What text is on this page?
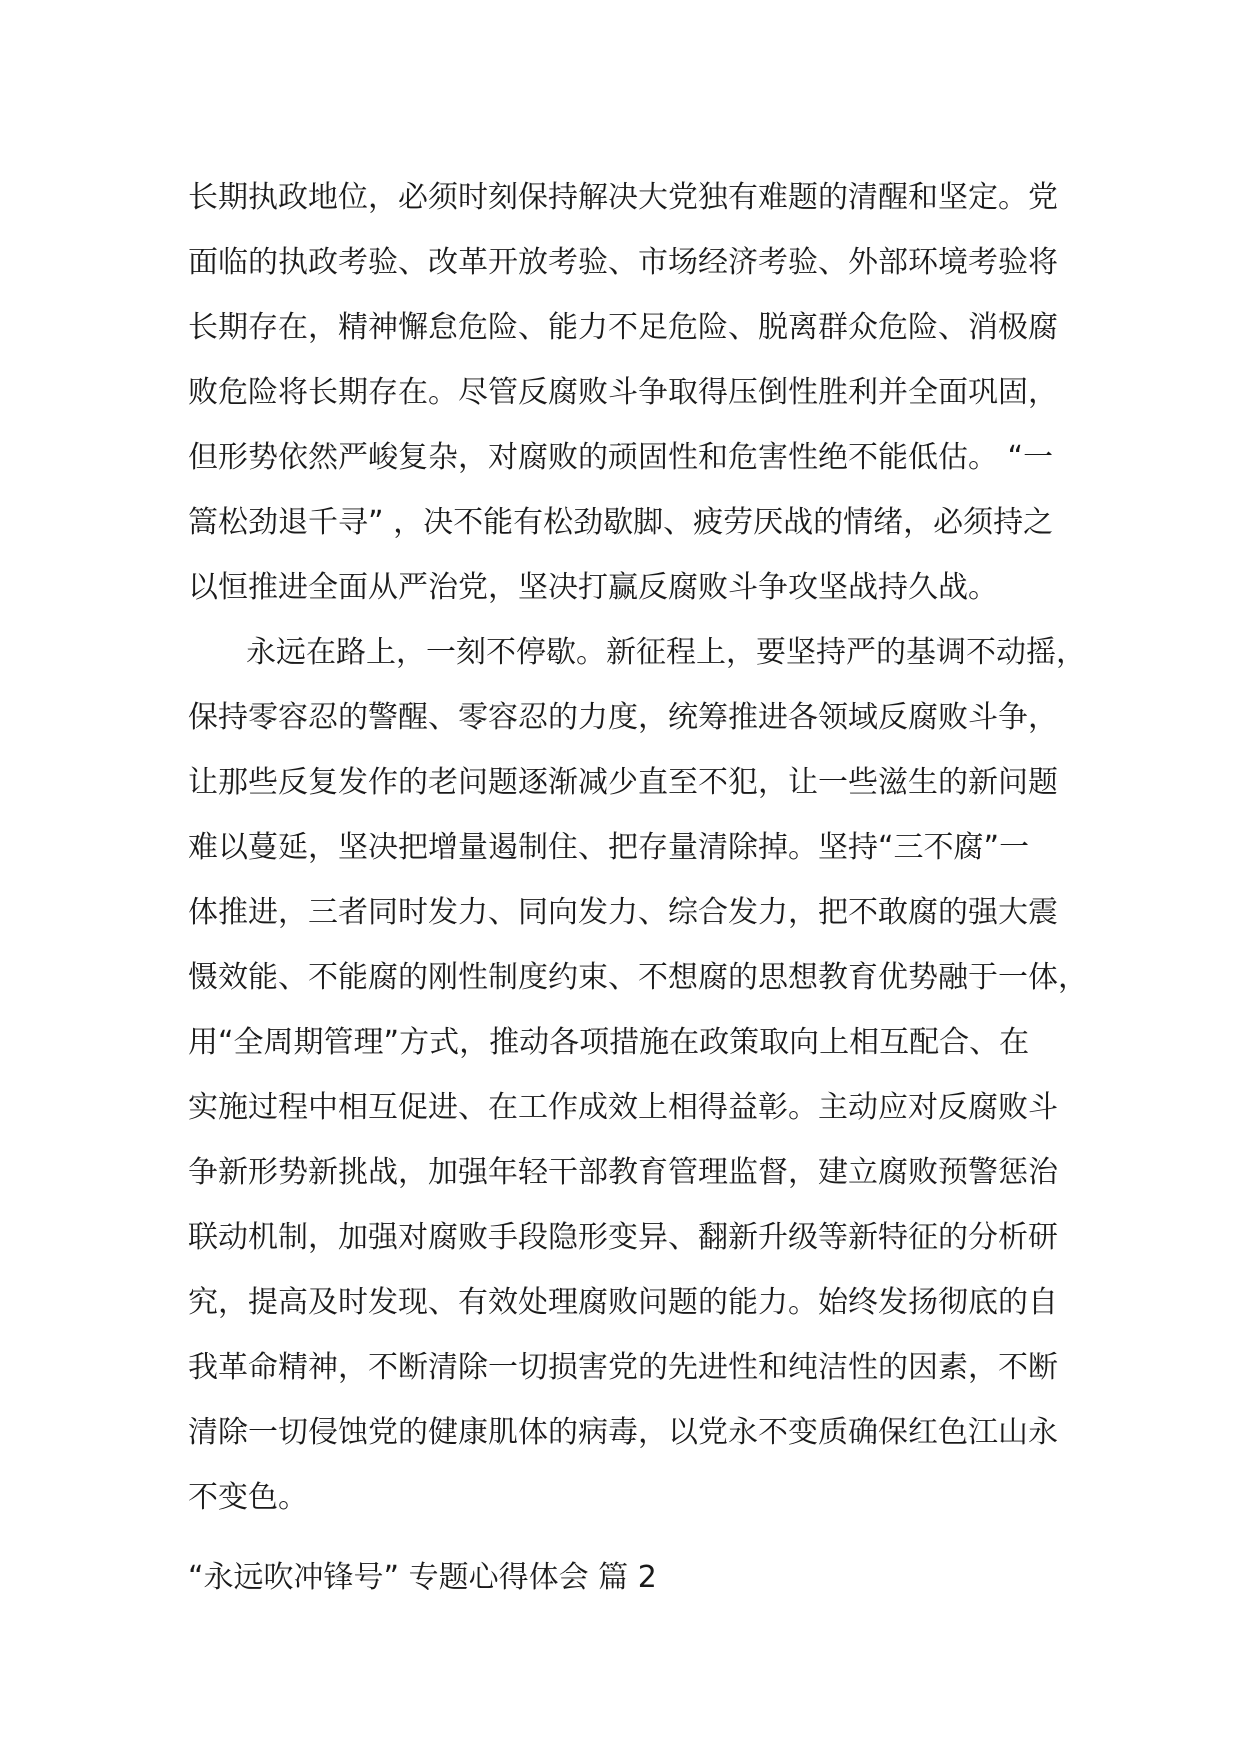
长期执政地位，必须时刻保持解决大党独有难题的清醒和坚定。党
面临的执政考验、改革开放考验、市场经济考验、外部环境考验将
长期存在，精神懈怠危险、能力不足危险、脱离群众危险、消极腐
败危险将长期存在。尽管反腐败斗争取得压倒性胜利并全面巩固，
但形势依然严峻复杂，对腐败的顽固性和危害性绝不能低估。 “一
篙松劲退千寻” ，决不能有松劲歇脚、疲劳厌战的情绪，必须持之
以恒推进全面从严治党，坚决打赢反腐败斗争攻坚战持久战。
永远在路上，一刻不停歇。新征程上，要坚持严的基调不动摇，
保持零容忍的警醒、零容忍的力度，统筹推进各领域反腐败斗争，
让那些反复发作的老问题逐渐减少直至不犯，让一些滋生的新问题
难以蔓延，坚决把增量遏制住、把存量清除掉。坚持“三不腐”一
体推进，三者同时发力、同向发力、综合发力，把不敢腐的强大震
慑效能、不能腐的刚性制度约束、不想腐的思想教育优势融于一体，
用“全周期管理”方式，推动各项措施在政策取向上相互配合、在
实施过程中相互促进、在工作成效上相得益彰。主动应对反腐败斗
争新形势新挑战，加强年轻干部教育管理监督，建立腐败预警惩治
联动机制，加强对腐败手段隐形变异、翻新升级等新特征的分析研
究，提高及时发现、有效处理腐败问题的能力。始终发扬彻底的自
我革命精神，不断清除一切损害党的先进性和纯洁性的因素，不断
清除一切侵蚀党的健康肌体的病毒，以党永不变质确保红色江山永
不变色。
“永远吹冲锋号” 专题心得体会 篇 2
